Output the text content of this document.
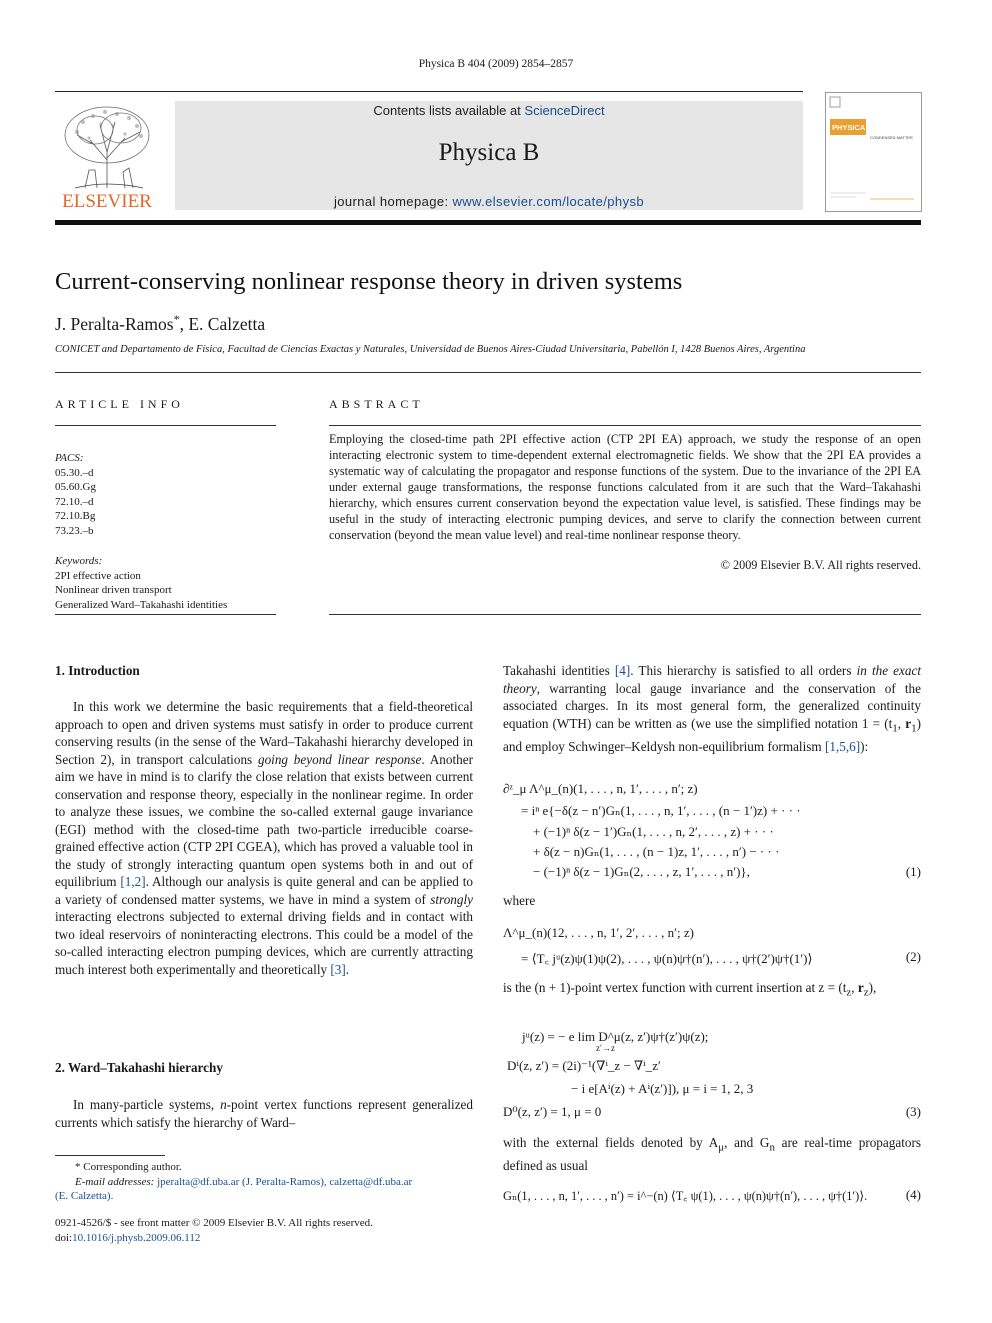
Physica B 404 (2009) 2854–2857
ELSEVIER
Contents lists available at ScienceDirect
Physica B
journal homepage: www.elsevier.com/locate/physb
PHYSICA
CONDENSED MATTER
Current-conserving nonlinear response theory in driven systems
J. Peralta-Ramos*, E. Calzetta
CONICET and Departamento de Física, Facultad de Ciencias Exactas y Naturales, Universidad de Buenos Aires-Ciudad Universitaria, Pabellón I, 1428 Buenos Aires, Argentina
ARTICLE INFO	ABSTRACT
PACS:
05.30.–d
05.60.Gg
72.10.–d
72.10.Bg
73.23.–b
Keywords:
2PI effective action
Nonlinear driven transport
Generalized Ward–Takahashi identities
Employing the closed-time path 2PI effective action (CTP 2PI EA) approach, we study the response of an open interacting electronic system to time-dependent external electromagnetic fields. We show that the 2PI EA provides a systematic way of calculating the propagator and response functions of the system. Due to the invariance of the 2PI EA under external gauge transformations, the response functions calculated from it are such that the Ward–Takahashi hierarchy, which ensures current conservation beyond the expectation value level, is satisfied. These findings may be useful in the study of interacting electronic pumping devices, and serve to clarify the connection between current conservation (beyond the mean value level) and real-time nonlinear response theory.
© 2009 Elsevier B.V. All rights reserved.
1. Introduction
In this work we determine the basic requirements that a field-theoretical approach to open and driven systems must satisfy in order to produce current conserving results (in the sense of the Ward–Takahashi hierarchy developed in Section 2), in transport calculations going beyond linear response. Another aim we have in mind is to clarify the close relation that exists between current conservation and response theory, especially in the nonlinear regime. In order to analyze these issues, we combine the so-called external gauge invariance (EGI) method with the closed-time path two-particle irreducible coarse-grained effective action (CTP 2PI CGEA), which has proved a valuable tool in the study of strongly interacting quantum open systems both in and out of equilibrium [1,2]. Although our analysis is quite general and can be applied to a variety of condensed matter systems, we have in mind a system of strongly interacting electrons subjected to external driving fields and in contact with two ideal reservoirs of noninteracting electrons. This could be a model of the so-called interacting electron pumping devices, which are currently attracting much interest both experimentally and theoretically [3].
2. Ward–Takahashi hierarchy
In many-particle systems, n-point vertex functions represent generalized currents which satisfy the hierarchy of Ward–
* Corresponding author.
E-mail addresses: jperalta@df.uba.ar (J. Peralta-Ramos), calzetta@df.uba.ar
(E. Calzetta).
0921-4526/$ - see front matter © 2009 Elsevier B.V. All rights reserved.
doi:10.1016/j.physb.2009.06.112
Takahashi identities [4]. This hierarchy is satisfied to all orders in the exact theory, warranting local gauge invariance and the conservation of the associated charges. In its most general form, the generalized continuity equation (WTH) can be written as (we use the simplified notation $1 = (t_1$, $r_1$) and employ Schwinger–Keldysh non-equilibrium formalism [1,5,6]):
∂ᶻ_μ Λ^μ_(n)(1, . . . , n, 1′, . . . , n′; z)
= iⁿ e{−δ(z − n′)Gₙ(1, . . . , n, 1′, . . . , (n − 1′)z) + · · ·
+ (−1)ⁿ δ(z − 1′)Gₙ(1, . . . , n, 2′, . . . , z) + · · ·
+ δ(z − n)Gₙ(1, . . . , (n − 1)z, 1′, . . . , n′) − · · ·
− (−1)ⁿ δ(z − 1)Gₙ(2, . . . , z, 1′, . . . , n′)},	(1)
where
Λ^μ_(n)(12, . . . , n, 1′, 2′, . . . , n′; z)
= ⟨T꜀ jᵘ(z)ψ(1)ψ(2), . . . , ψ(n)ψ†(n′), . . . , ψ†(2′)ψ†(1′)⟩	(2)
is the (n + 1)-point vertex function with current insertion at $z = (t_z$, $r_z$),
jᵘ(z) = − e lim D^μ(z, z′)ψ†(z′)ψ(z);
z′→z
Dⁱ(z, z′) = (2i)⁻¹(∇ⁱ_z − ∇ⁱ_z′
− i e[Aⁱ(z) + Aⁱ(z′)]), μ = i = 1, 2, 3
D⁰(z, z′) = 1, μ = 0	(3)
with the external fields denoted by $A_\mu$, and $G_n$ are real-time propagators defined as usual
Gₙ(1, . . . , n, 1′, . . . , n′) = i^−(n) ⟨T꜀ ψ(1), . . . , ψ(n)ψ†(n′), . . . , ψ†(1′)⟩.	(4)
